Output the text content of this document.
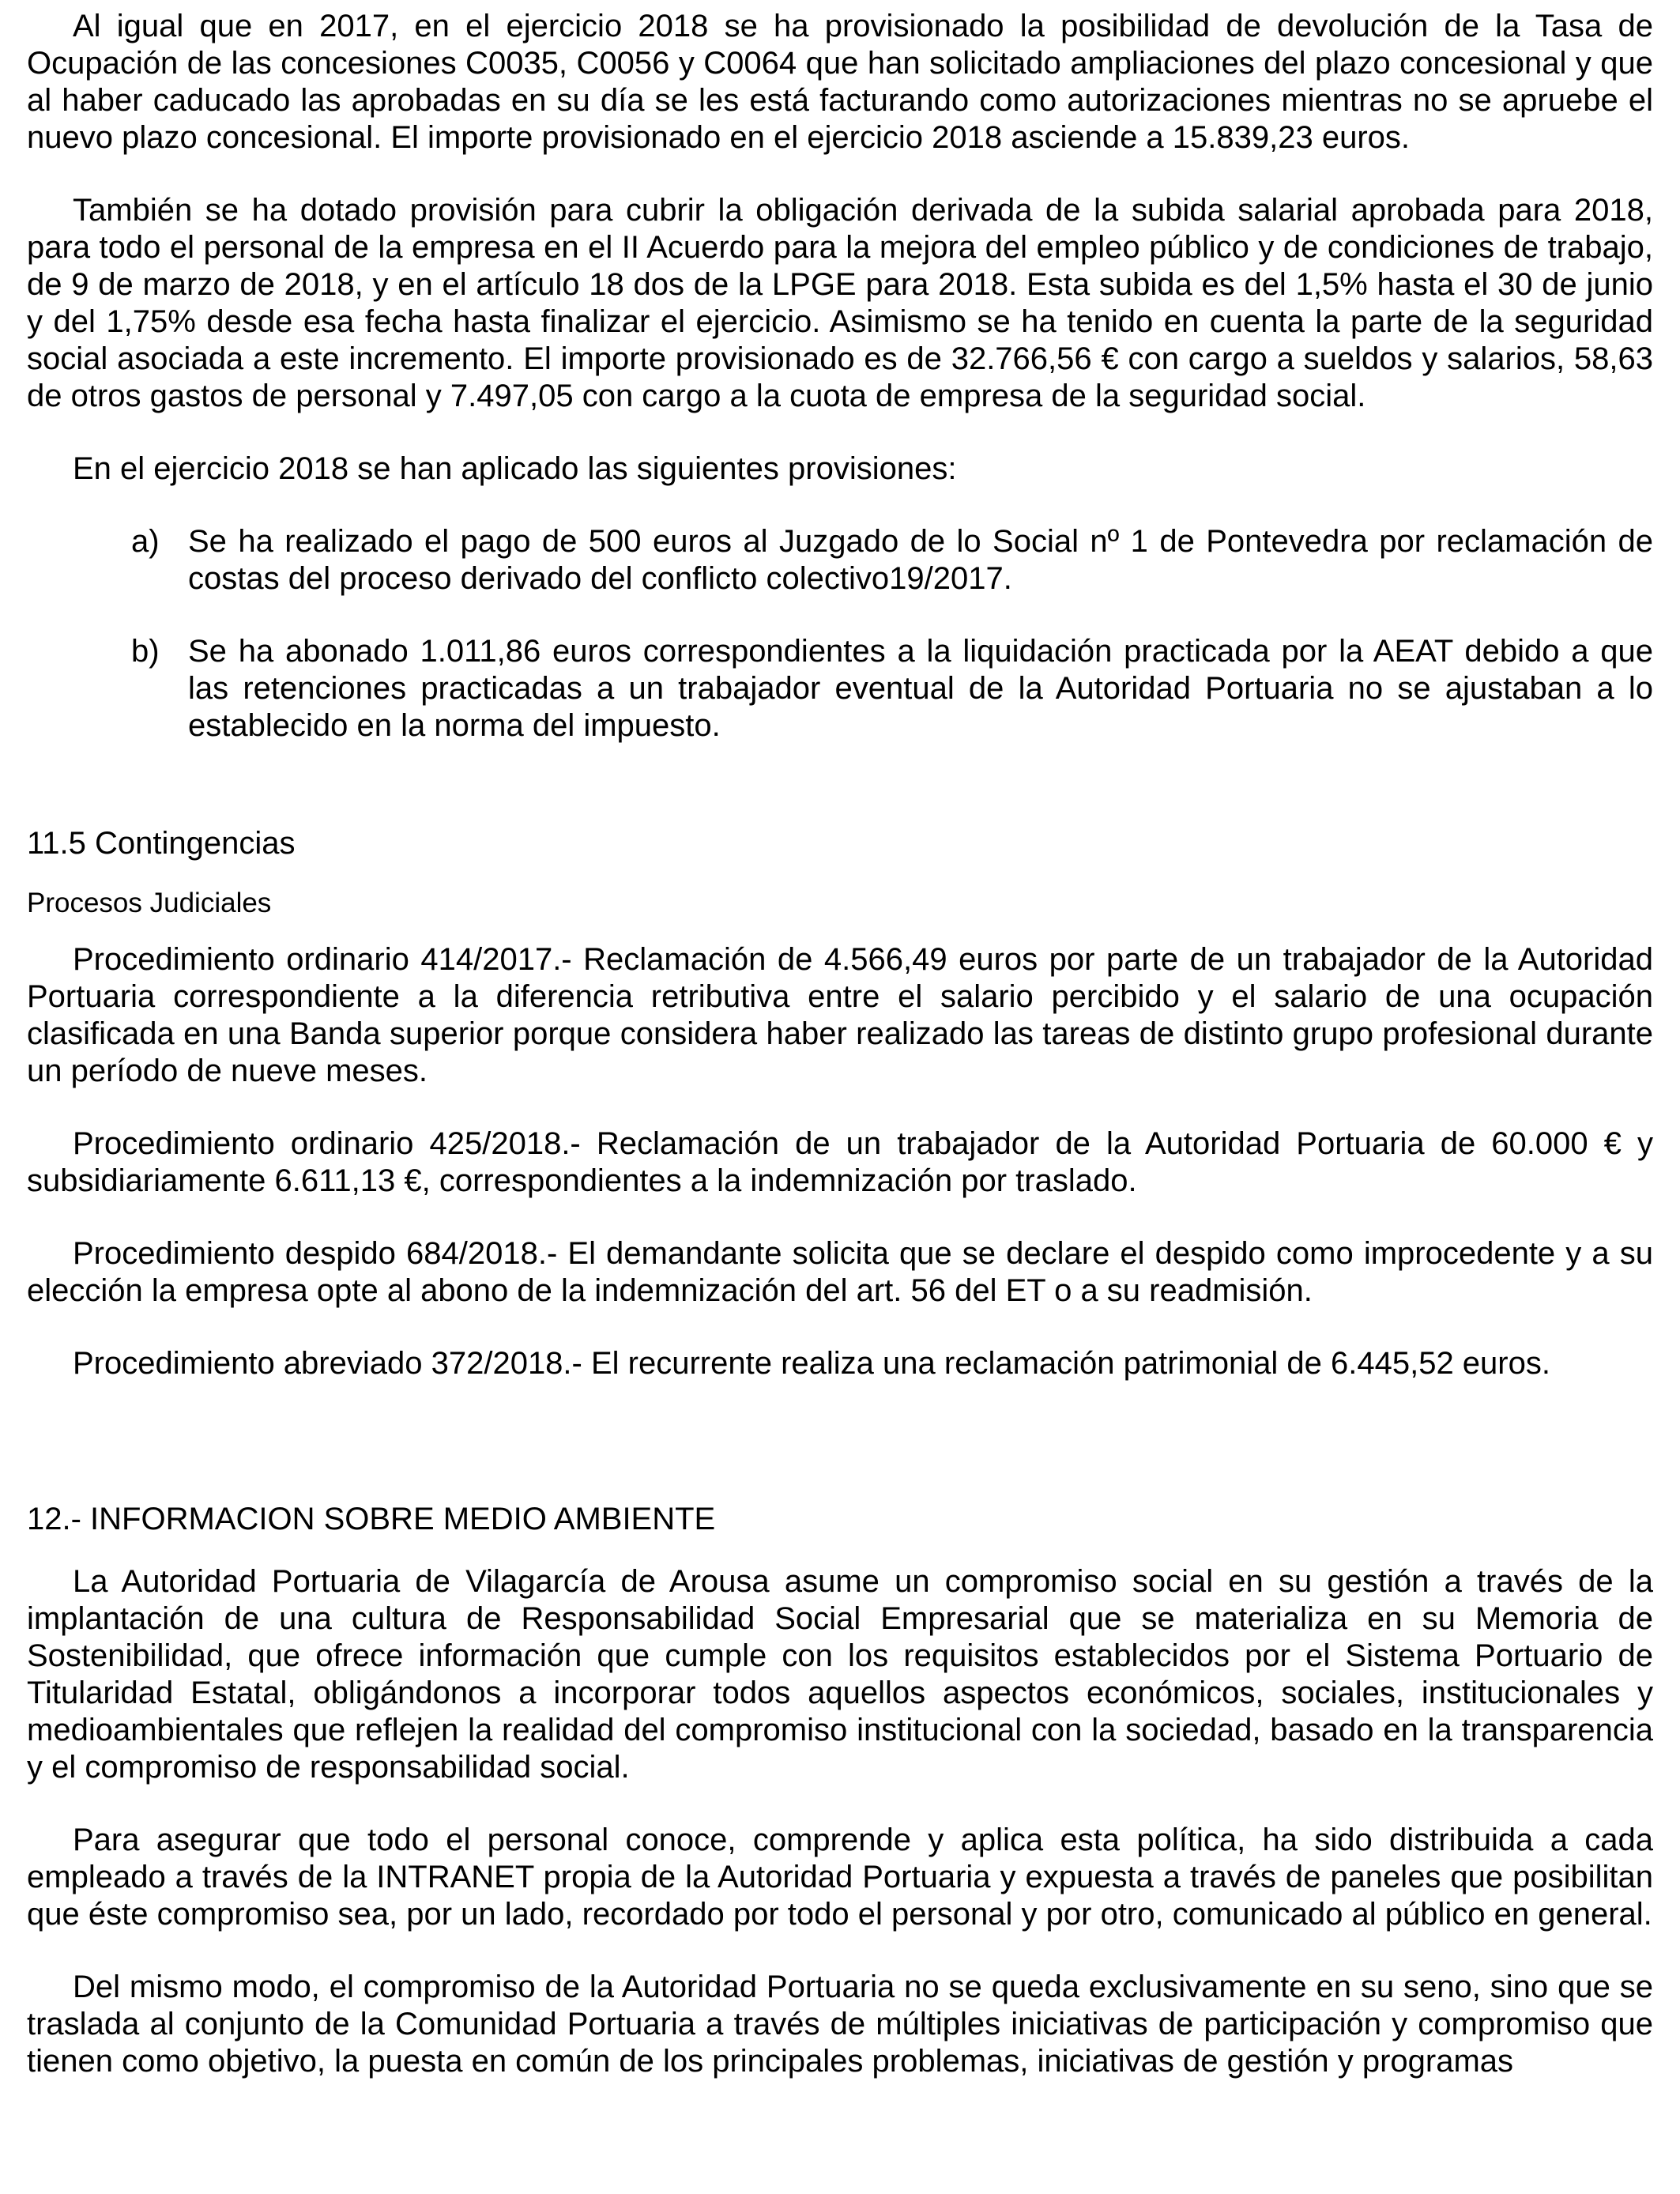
Al igual que en 2017, en el ejercicio 2018 se ha provisionado la posibilidad de devolución de la Tasa de Ocupación de las concesiones C0035, C0056 y C0064 que han solicitado ampliaciones del plazo concesional y que al haber caducado las aprobadas en su día se les está facturando como autorizaciones mientras no se apruebe el nuevo plazo concesional. El importe provisionado en el ejercicio 2018 asciende a 15.839,23 euros.

También se ha dotado provisión para cubrir la obligación derivada de la subida salarial aprobada para 2018, para todo el personal de la empresa en el II Acuerdo para la mejora del empleo público y de condiciones de trabajo, de 9 de marzo de 2018, y en el artículo 18 dos de la LPGE para 2018. Esta subida es del 1,5% hasta el 30 de junio y del 1,75% desde esa fecha hasta finalizar el ejercicio. Asimismo se ha tenido en cuenta la parte de la seguridad social asociada a este incremento. El importe provisionado es de 32.766,56 € con cargo a sueldos y salarios, 58,63 de otros gastos de personal y 7.497,05 con cargo a la cuota de empresa de la seguridad social.

En el ejercicio 2018 se han aplicado las siguientes provisiones:

a) Se ha realizado el pago de 500 euros al Juzgado de lo Social nº 1 de Pontevedra por reclamación de costas del proceso derivado del conflicto colectivo19/2017.

b) Se ha abonado 1.011,86 euros correspondientes a la liquidación practicada por la AEAT debido a que las retenciones practicadas a un trabajador eventual de la Autoridad Portuaria no se ajustaban a lo establecido en la norma del impuesto.

11.5 Contingencias
Procesos Judiciales

Procedimiento ordinario 414/2017.- Reclamación de 4.566,49 euros por parte de un trabajador de la Autoridad Portuaria correspondiente a la diferencia retributiva entre el salario percibido y el salario de una ocupación clasificada en una Banda superior porque considera haber realizado las tareas de distinto grupo profesional durante un período de nueve meses.

Procedimiento ordinario 425/2018.- Reclamación de un trabajador de la Autoridad Portuaria de 60.000 € y subsidiariamente 6.611,13 €, correspondientes a la indemnización por traslado.

Procedimiento despido 684/2018.- El demandante solicita que se declare el despido como improcedente y a su elección la empresa opte al abono de la indemnización del art. 56 del ET o a su readmisión.

Procedimiento abreviado 372/2018.- El recurrente realiza una reclamación patrimonial de 6.445,52 euros.

12.- INFORMACION SOBRE MEDIO AMBIENTE

La Autoridad Portuaria de Vilagarcía de Arousa asume un compromiso social en su gestión a través de la implantación de una cultura de Responsabilidad Social Empresarial que se materializa en su Memoria de Sostenibilidad, que ofrece información que cumple con los requisitos establecidos por el Sistema Portuario de Titularidad Estatal, obligándonos a incorporar todos aquellos aspectos económicos, sociales, institucionales y medioambientales que reflejen la realidad del compromiso institucional con la sociedad, basado en la transparencia y el compromiso de responsabilidad social.

Para asegurar que todo el personal conoce, comprende y aplica esta política, ha sido distribuida a cada empleado a través de la INTRANET propia de la Autoridad Portuaria y expuesta a través de paneles que posibilitan que éste compromiso sea, por un lado, recordado por todo el personal y por otro, comunicado al público en general.

Del mismo modo, el compromiso de la Autoridad Portuaria no se queda exclusivamente en su seno, sino que se traslada al conjunto de la Comunidad Portuaria a través de múltiples iniciativas de participación y compromiso que tienen como objetivo, la puesta en común de los principales problemas, iniciativas de gestión y programas
